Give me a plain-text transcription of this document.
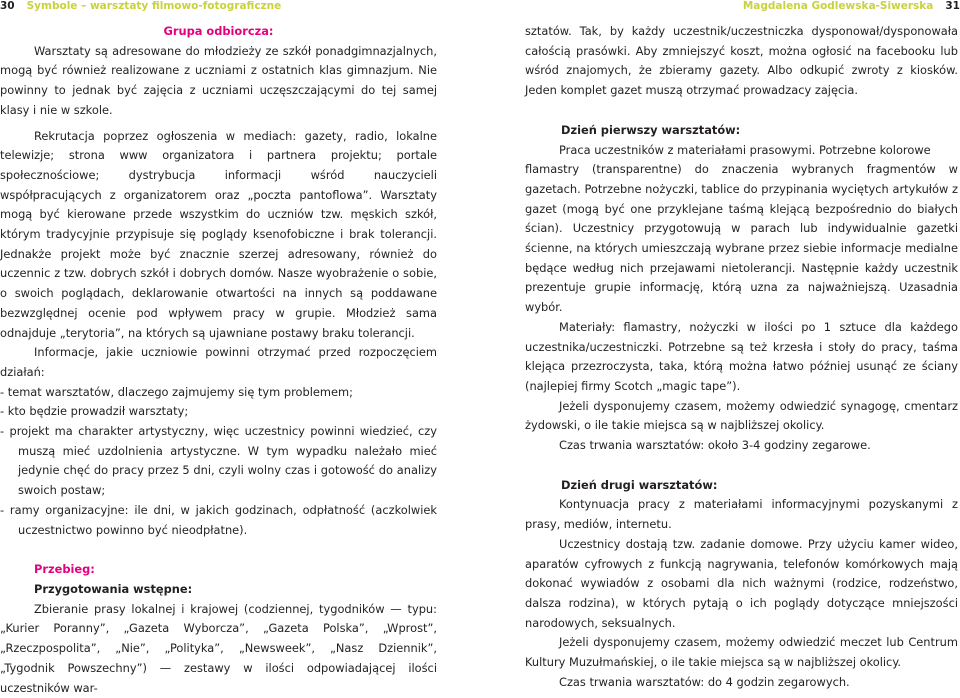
30 Symbole – warsztaty filmowo-fotograficzne	Magdalena Godlewska-Siwerska 31

Grupa odbiorcza:

Warsztaty są adresowane do młodzieży ze szkół ponadgimnazjalnych, mogą być również realizowane z uczniami z ostatnich klas gimnazjum. Nie powinny to jednak być zajęcia z uczniami uczęszczającymi do tej samej klasy i nie w szkole.

Rekrutacja poprzez ogłoszenia w mediach: gazety, radio, lokalne telewizje; strona www organizatora i partnera projektu; portale społecznościowe; dystrybucja informacji wśród nauczycieli współpracujących z organizatorem oraz „poczta pantoflowa”. Warsztaty mogą być kierowane przede wszystkim do uczniów tzw. męskich szkół, którym tradycyjnie przypisuje się poglądy ksenofobiczne i brak tolerancji. Jednakże projekt może być znacznie szerzej adresowany, również do uczennic z tzw. dobrych szkół i dobrych domów. Nasze wyobrażenie o sobie, o swoich poglądach, deklarowanie otwartości na innych są poddawane bezwzględnej ocenie pod wpływem pracy w grupie. Młodzież sama odnajduje „terytoria”, na których są ujawniane postawy braku tolerancji.

Informacje, jakie uczniowie powinni otrzymać przed rozpoczęciem działań:

- temat warsztatów, dlaczego zajmujemy się tym problemem;
- kto będzie prowadził warsztaty;
- projekt ma charakter artystyczny, więc uczestnicy powinni wiedzieć, czy muszą mieć uzdolnienia artystyczne. W tym wypadku należało mieć jedynie chęć do pracy przez 5 dni, czyli wolny czas i gotowość do analizy swoich postaw;
- ramy organizacyjne: ile dni, w jakich godzinach, odpłatność (aczkolwiek uczestnictwo powinno być nieodpłatne).

Przebieg:

Przygotowania wstępne:

Zbieranie prasy lokalnej i krajowej (codziennej, tygodników — typu: „Kurier Poranny”, „Gazeta Wyborcza”, „Gazeta Polska”, „Wprost”, „Rzeczpospolita”, „Nie”, „Polityka”, „Newsweek”, „Nasz Dziennik”, „Tygodnik Powszechny”) — zestawy w ilości odpowiadającej ilości uczestników war-

sztatów. Tak, by każdy uczestnik/uczestniczka dysponował/dysponowała całością prasówki. Aby zmniejszyć koszt, można ogłosić na facebooku lub wśród znajomych, że zbieramy gazety. Albo odkupić zwroty z kiosków. Jeden komplet gazet muszą otrzymać prowadzacy zajęcia.

Dzień pierwszy warsztatów:

Praca uczestników z materiałami prasowymi. Potrzebne kolorowe

flamastry (transparentne) do znaczenia wybranych fragmentów w gazetach. Potrzebne nożyczki, tablice do przypinania wyciętych artykułów z gazet (mogą być one przyklejane taśmą klejącą bezpośrednio do białych ścian). Uczestnicy przygotowują w parach lub indywidualnie gazetki ścienne, na których umieszczają wybrane przez siebie informacje medialne będące według nich przejawami nietolerancji. Następnie każdy uczestnik prezentuje grupie informację, którą uzna za najważniejszą. Uzasadnia wybór.

Materiały: flamastry, nożyczki w ilości po 1 sztuce dla każdego uczestnika/uczestniczki. Potrzebne są też krzesła i stoły do pracy, taśma klejąca przezroczysta, taka, którą można łatwo później usunąć ze ściany (najlepiej firmy Scotch „magic tape”).

Jeżeli dysponujemy czasem, możemy odwiedzić synagogę, cmentarz żydowski, o ile takie miejsca są w najbliższej okolicy.

Czas trwania warsztatów: około 3-4 godziny zegarowe.

Dzień drugi warsztatów:

Kontynuacja pracy z materiałami informacyjnymi pozyskanymi z prasy, mediów, internetu.

Uczestnicy dostają tzw. zadanie domowe. Przy użyciu kamer wideo, aparatów cyfrowych z funkcją nagrywania, telefonów komórkowych mają dokonać wywiadów z osobami dla nich ważnymi (rodzice, rodzeństwo, dalsza rodzina), w których pytają o ich poglądy dotyczące mniejszości narodowych, seksualnych.

Jeżeli dysponujemy czasem, możemy odwiedzić meczet lub Centrum Kultury Muzułmańskiej, o ile takie miejsca są w najbliższej okolicy.

Czas trwania warsztatów: do 4 godzin zegarowych.
